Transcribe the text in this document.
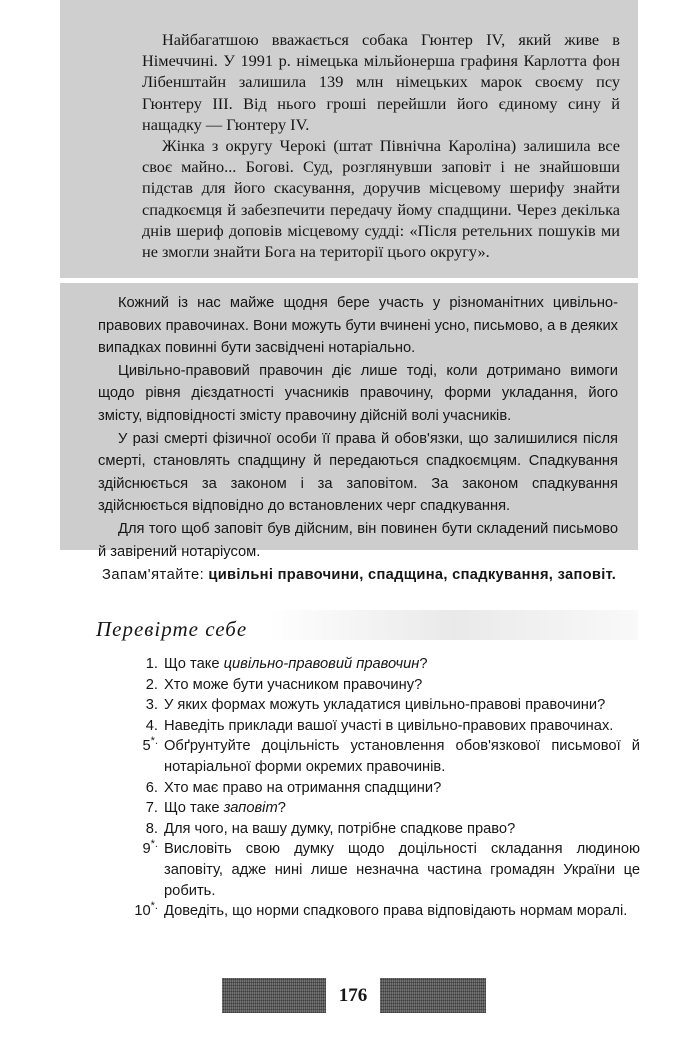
Найбагатшою вважається собака Гюнтер IV, який живе в Німеччині. У 1991 р. німецька мільйонерша графиня Карлотта фон Лібенштайн залишила 139 млн німецьких марок своєму псу Гюнтеру III. Від нього гроші перейшли його єдиному сину й нащадку — Гюнтеру IV.

Жінка з округу Черокі (штат Північна Кароліна) залишила все своє майно... Богові. Суд, розглянувши заповіт і не знайшовши підстав для його скасування, доручив місцевому шерифу знайти спадкоємця й забезпечити передачу йому спадщини. Через декілька днів шериф доповів місцевому судді: «Після ретельних пошуків ми не змогли знайти Бога на території цього округу».

Кожний із нас майже щодня бере участь у різноманітних цивільно-правових правочинах. Вони можуть бути вчинені усно, письмово, а в деяких випадках повинні бути засвідчені нотаріально.

Цивільно-правовий правочин діє лише тоді, коли дотримано вимоги щодо рівня дієздатності учасників правочину, форми укладання, його змісту, відповідності змісту правочину дійсній волі учасників.

У разі смерті фізичної особи її права й обов'язки, що залишилися після смерті, становлять спадщину й передаються спадкоємцям. Спадкування здійснюється за законом і за заповітом. За законом спадкування здійснюється відповідно до встановлених черг спадкування.

Для того щоб заповіт був дійсним, він повинен бути складений письмово й завірений нотаріусом.

Запам'ятайте: цивільні правочини, спадщина, спадкування, заповіт.
Перевірте себе
1. Що таке цивільно-правовий правочин?
2. Хто може бути учасником правочину?
3. У яких формах можуть укладатися цивільно-правові правочини?
4. Наведіть приклади вашої участі в цивільно-правових правочинах.
5*. Обґрунтуйте доцільність установлення обов'язкової письмової й нотаріальної форми окремих правочинів.
6. Хто має право на отримання спадщини?
7. Що таке заповіт?
8. Для чого, на вашу думку, потрібне спадкове право?
9*. Висловіть свою думку щодо доцільності складання людиною заповіту, адже нині лише незначна частина громадян України це робить.
10*. Доведіть, що норми спадкового права відповідають нормам моралі.
176
